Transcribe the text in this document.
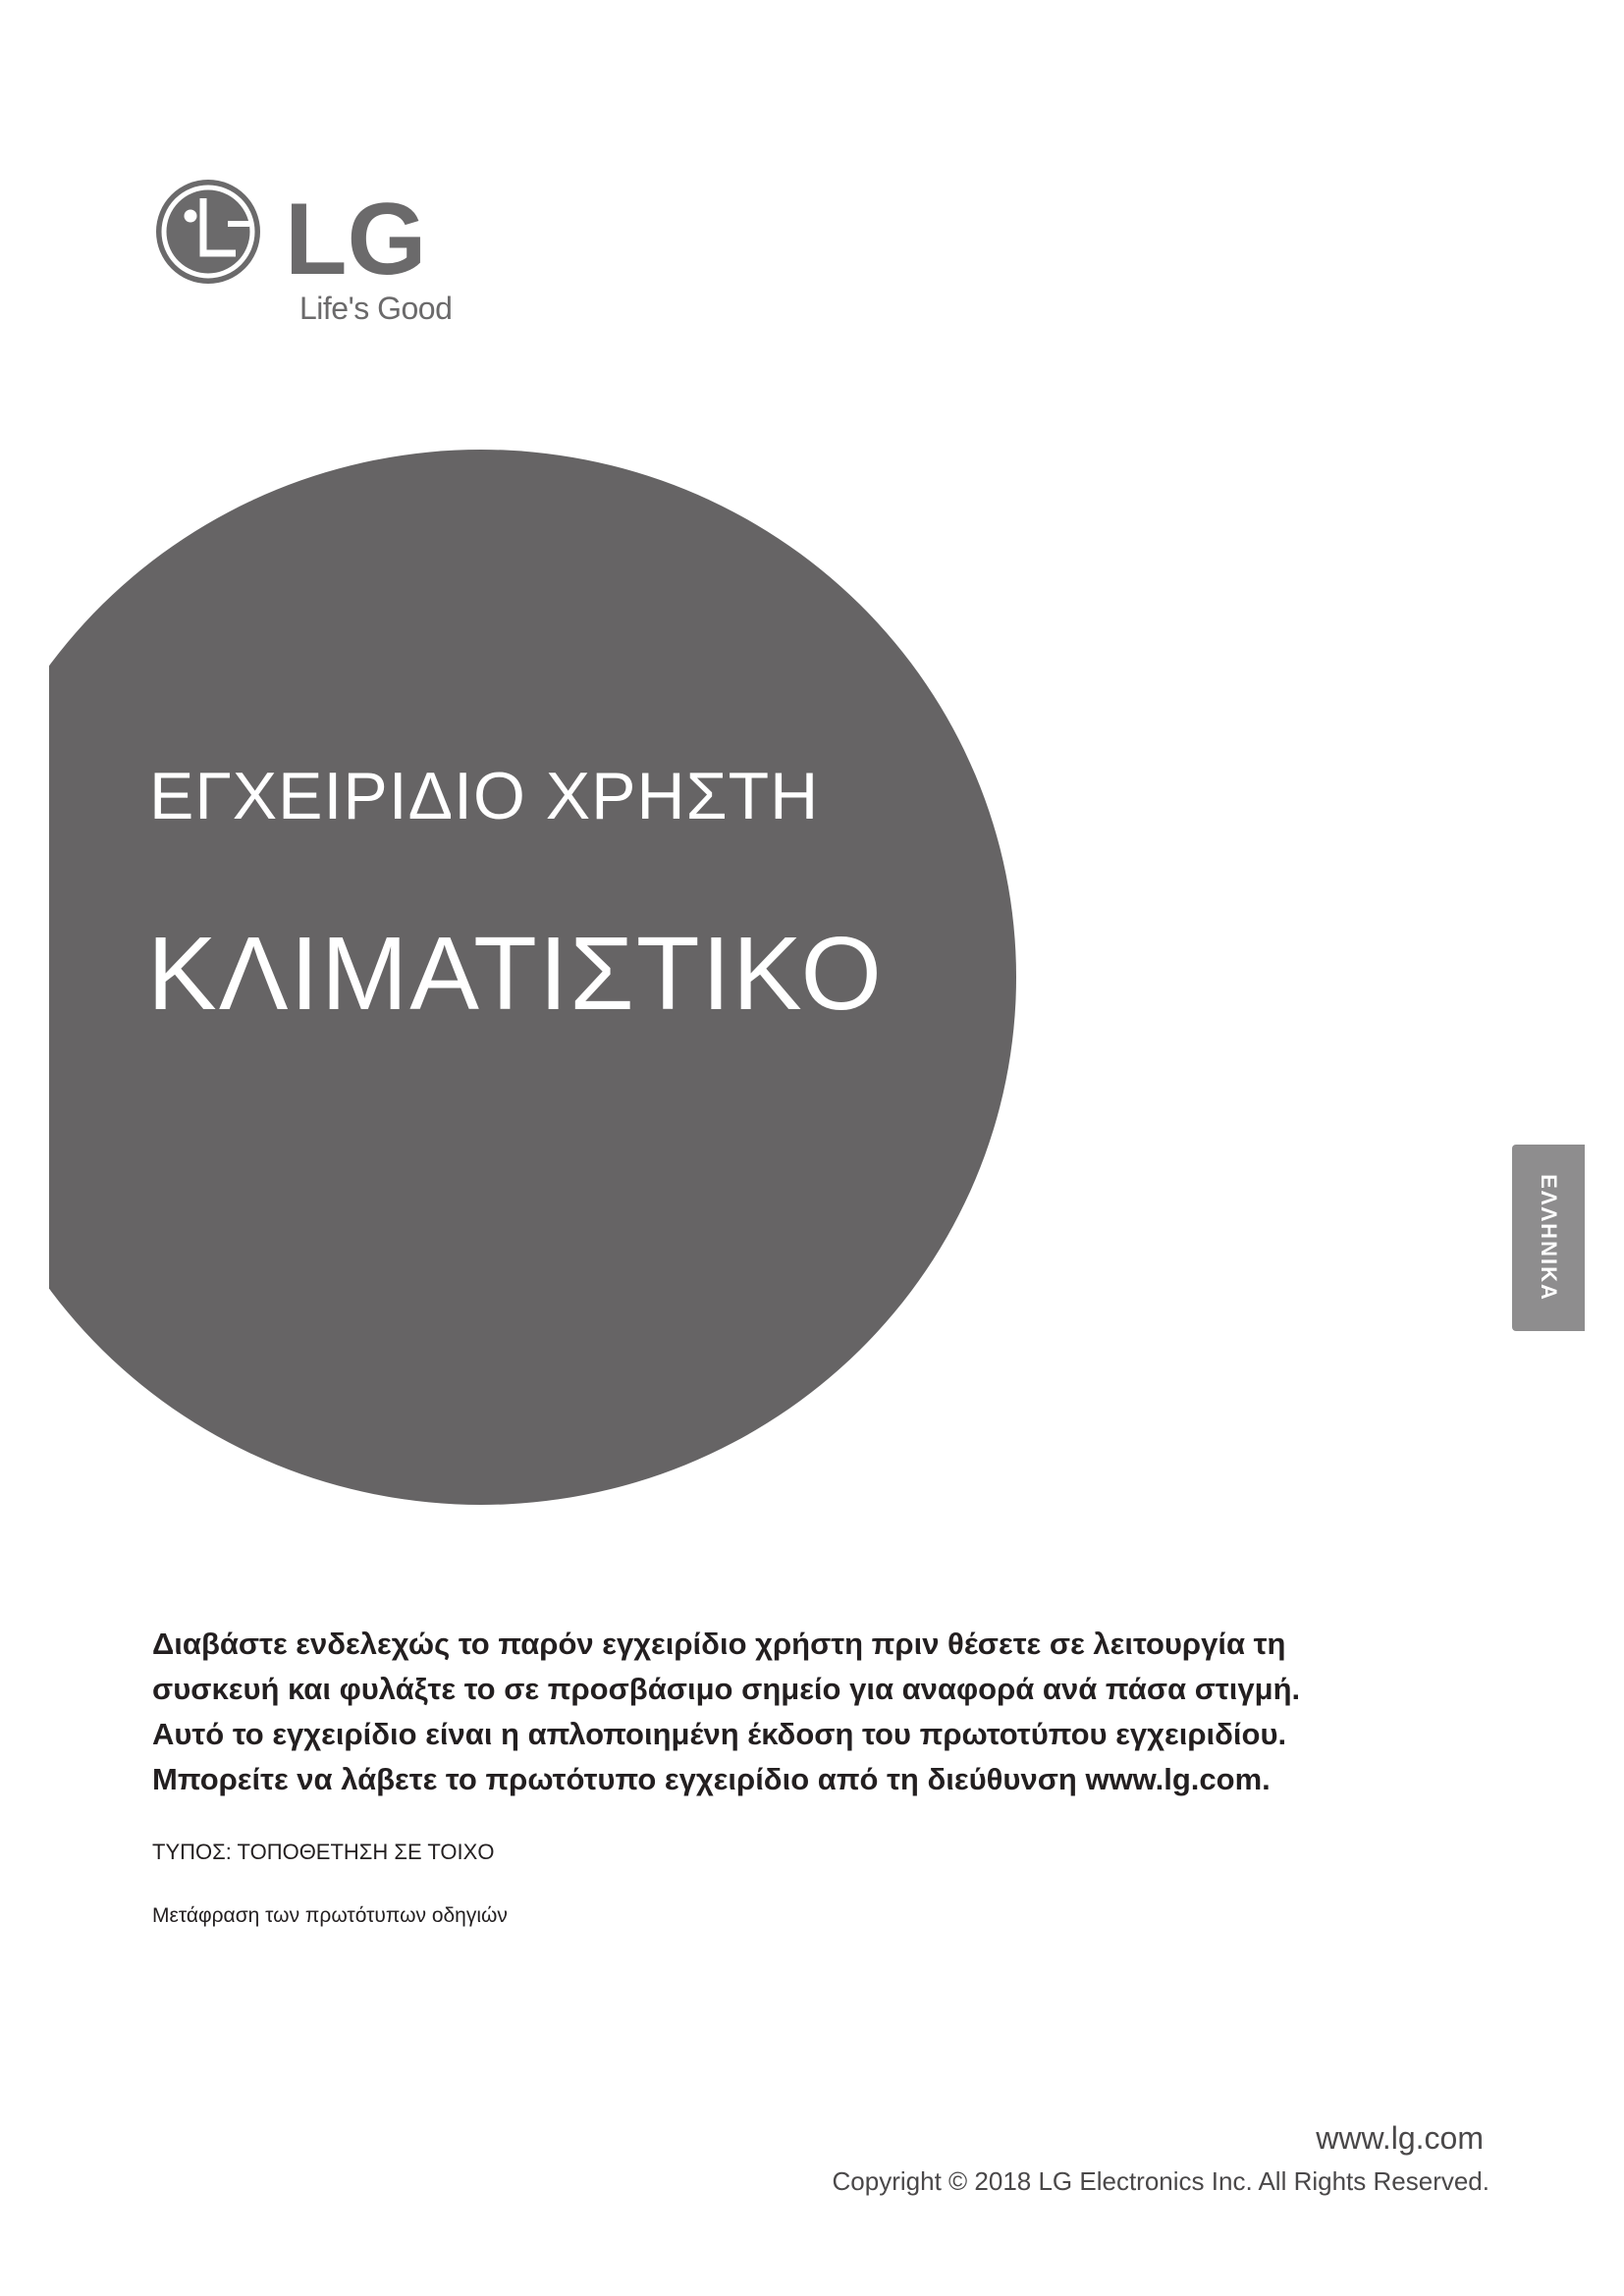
LG
Life's Good
ΕΓΧΕΙΡΙΔΙΟ ΧΡΗΣΤΗ
ΚΛΙΜΑΤΙΣΤΙΚΟ
ΕΛΛΗΝΙΚΑ
Διαβάστε ενδελεχώς το παρόν εγχειρίδιο χρήστη πριν θέσετε σε λειτουργία τη
συσκευή και φυλάξτε το σε προσβάσιμο σημείο για αναφορά ανά πάσα στιγμή.
Αυτό το εγχειρίδιο είναι η απλοποιημένη έκδοση του πρωτοτύπου εγχειριδίου.
Μπορείτε να λάβετε το πρωτότυπο εγχειρίδιο από τη διεύθυνση www.lg.com.
ΤΥΠΟΣ: ΤΟΠΟΘΕΤΗΣΗ ΣΕ ΤΟΙΧΟ
Μετάφραση των πρωτότυπων οδηγιών
www.lg.com
Copyright © 2018 LG Electronics Inc. All Rights Reserved.
